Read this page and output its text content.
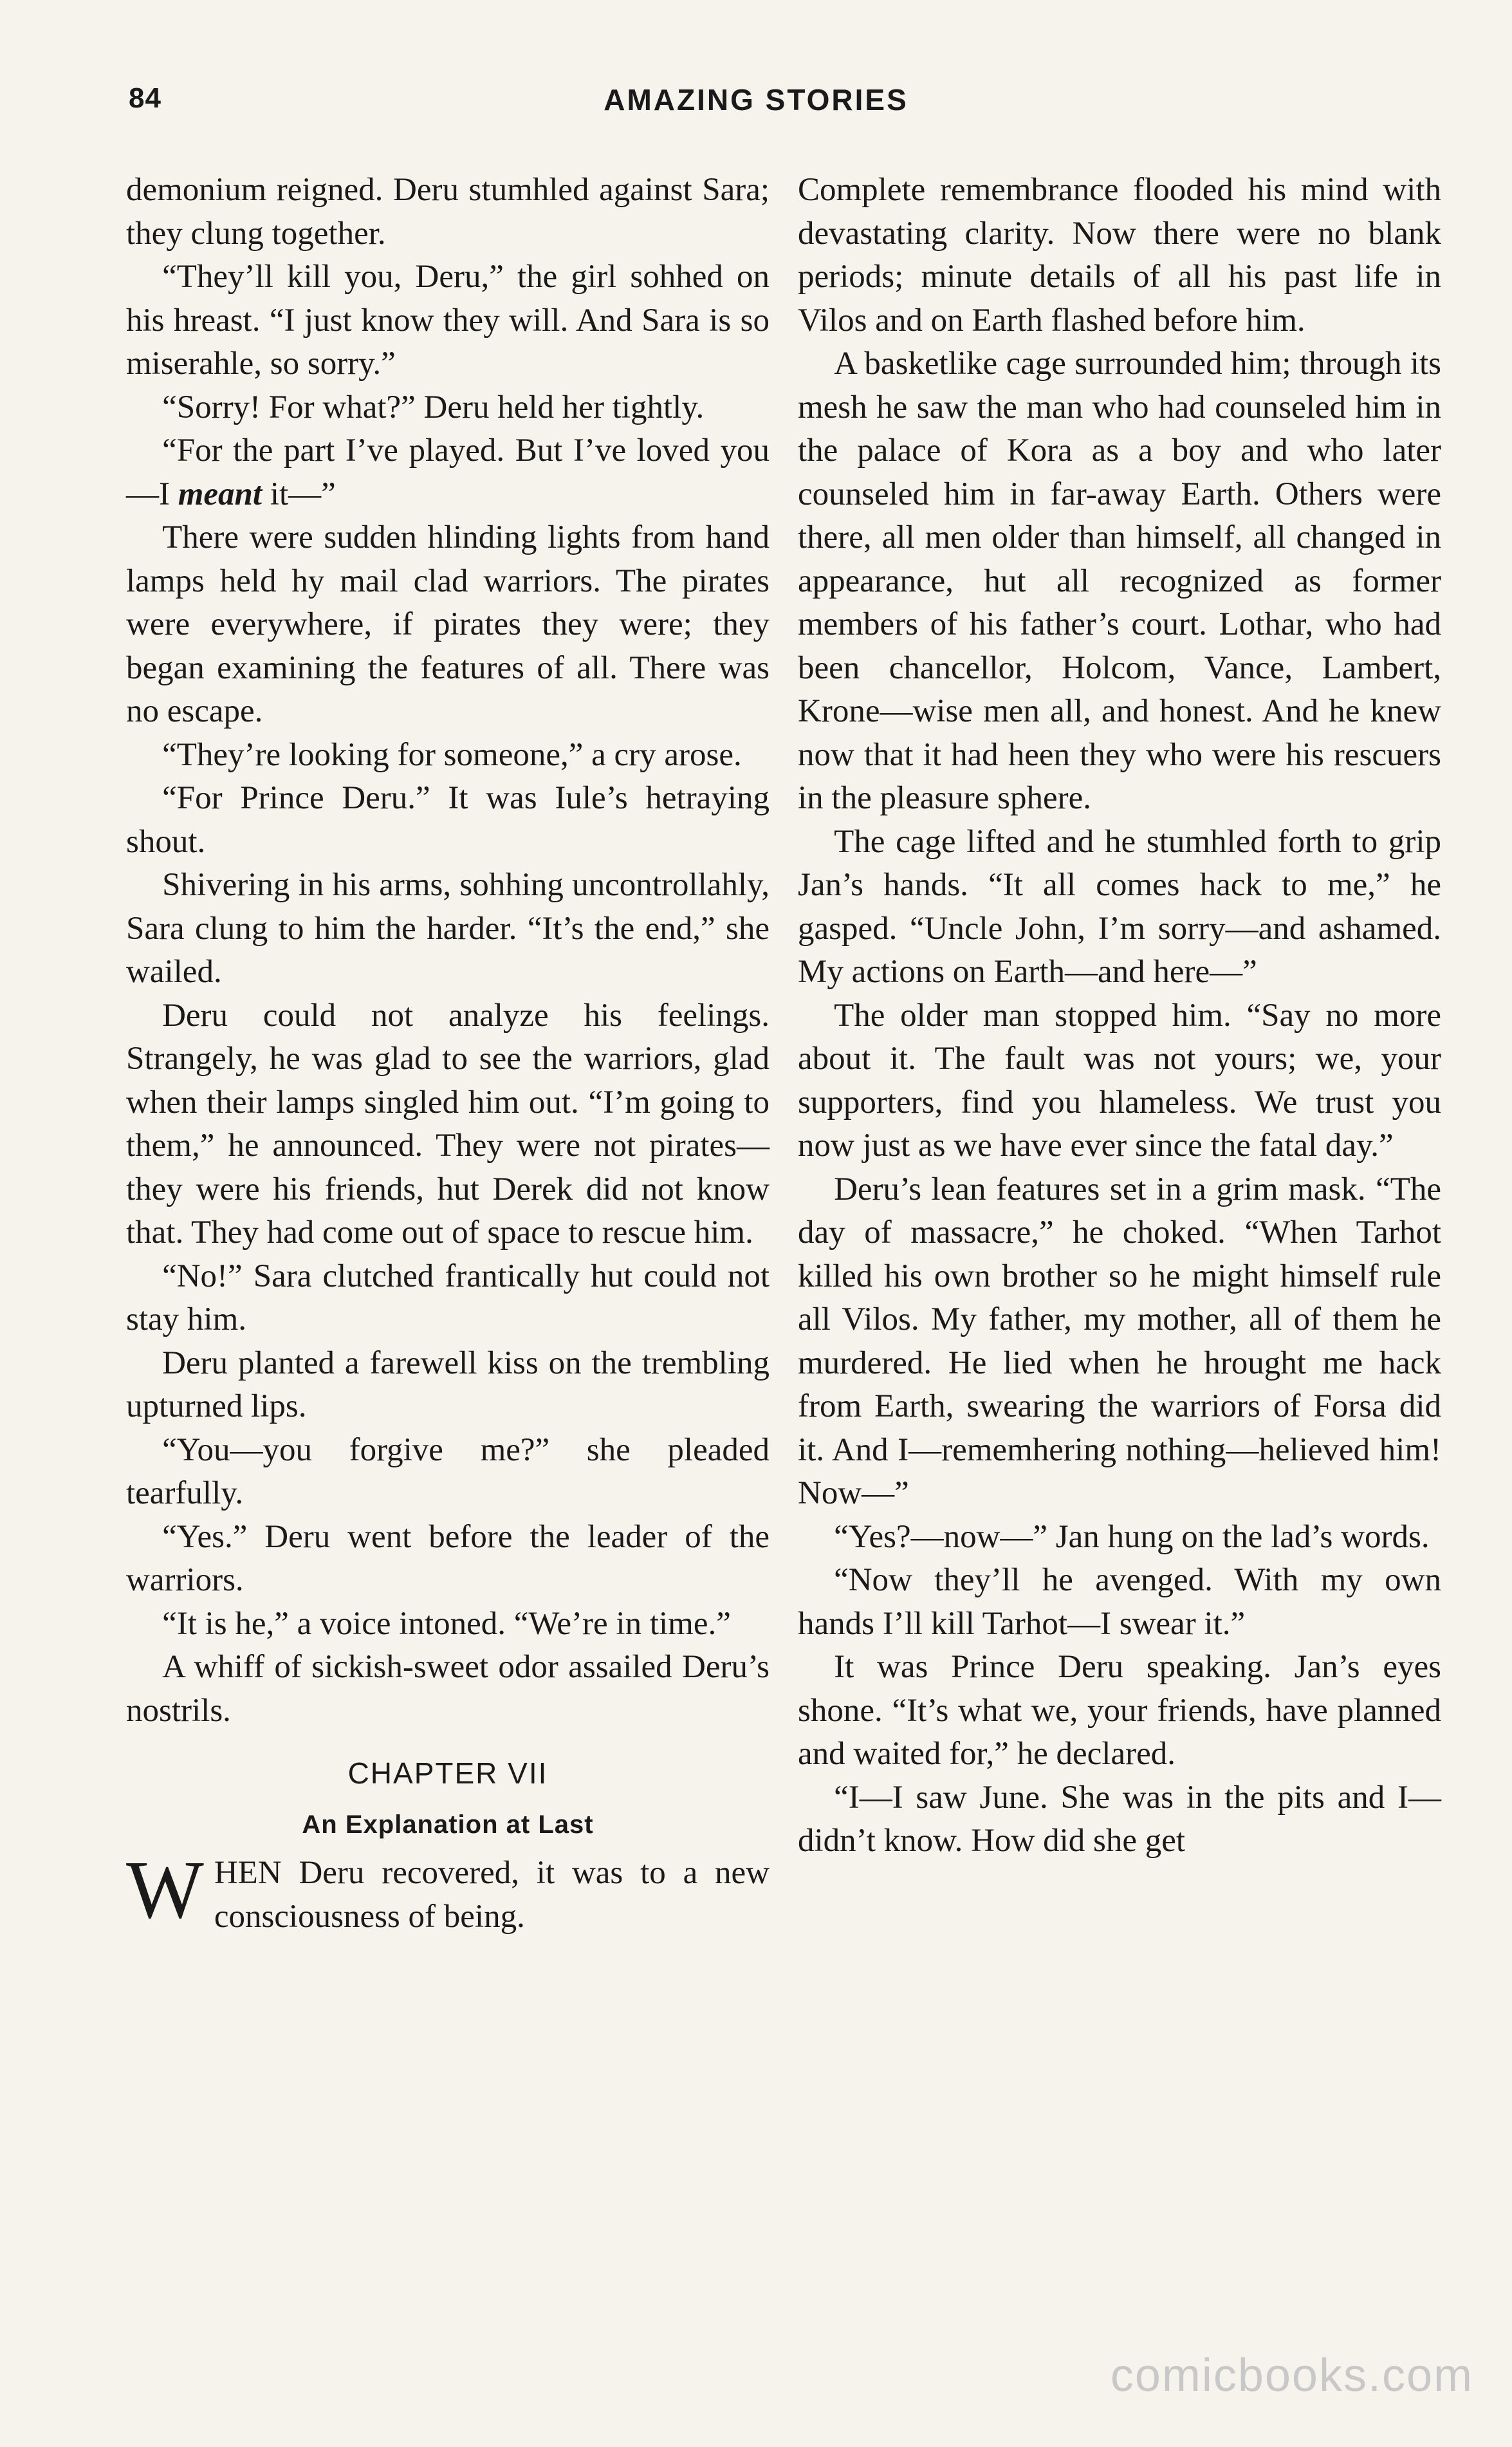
84	AMAZING STORIES

demonium reigned. Deru stumhled against Sara; they clung together.

“They’ll kill you, Deru,” the girl sohhed on his hreast. “I just know they will. And Sara is so miserahle, so sorry.”

“Sorry! For what?” Deru held her tightly.

“For the part I’ve played. But I’ve loved you—I meant it—”

There were sudden hlinding lights from hand lamps held hy mail clad warriors. The pirates were everywhere, if pirates they were; they began examining the features of all. There was no escape.

“They’re looking for someone,” a cry arose.

“For Prince Deru.” It was Iule’s hetraying shout.

Shivering in his arms, sohhing uncontrollahly, Sara clung to him the harder. “It’s the end,” she wailed.

Deru could not analyze his feelings. Strangely, he was glad to see the warriors, glad when their lamps singled him out. “I’m going to them,” he announced. They were not pirates—they were his friends, hut Derek did not know that. They had come out of space to rescue him.

“No!” Sara clutched frantically hut could not stay him.

Deru planted a farewell kiss on the trembling upturned lips.

“You—you forgive me?” she pleaded tearfully.

“Yes.” Deru went before the leader of the warriors.

“It is he,” a voice intoned. “We’re in time.”

A whiff of sickish-sweet odor assailed Deru’s nostrils.

CHAPTER VII
An Explanation at Last

WHEN Deru recovered, it was to a new consciousness of being.

Complete remembrance flooded his mind with devastating clarity. Now there were no blank periods; minute details of all his past life in Vilos and on Earth flashed before him.

A basketlike cage surrounded him; through its mesh he saw the man who had counseled him in the palace of Kora as a boy and who later counseled him in far-away Earth. Others were there, all men older than himself, all changed in appearance, hut all recognized as former members of his father’s court. Lothar, who had been chancellor, Holcom, Vance, Lambert, Krone—wise men all, and honest. And he knew now that it had heen they who were his rescuers in the pleasure sphere.

The cage lifted and he stumhled forth to grip Jan’s hands. “It all comes hack to me,” he gasped. “Uncle John, I’m sorry—and ashamed. My actions on Earth—and here—”

The older man stopped him. “Say no more about it. The fault was not yours; we, your supporters, find you hlameless. We trust you now just as we have ever since the fatal day.”

Deru’s lean features set in a grim mask. “The day of massacre,” he choked. “When Tarhot killed his own brother so he might himself rule all Vilos. My father, my mother, all of them he murdered. He lied when he hrought me hack from Earth, swearing the warriors of Forsa did it. And I—rememhering nothing—helieved him! Now—”

“Yes?—now—” Jan hung on the lad’s words.

“Now they’ll he avenged. With my own hands I’ll kill Tarhot—I swear it.”

It was Prince Deru speaking. Jan’s eyes shone. “It’s what we, your friends, have planned and waited for,” he declared.

“I—I saw June. She was in the pits and I—didn’t know. How did she get

comicbooks.com
